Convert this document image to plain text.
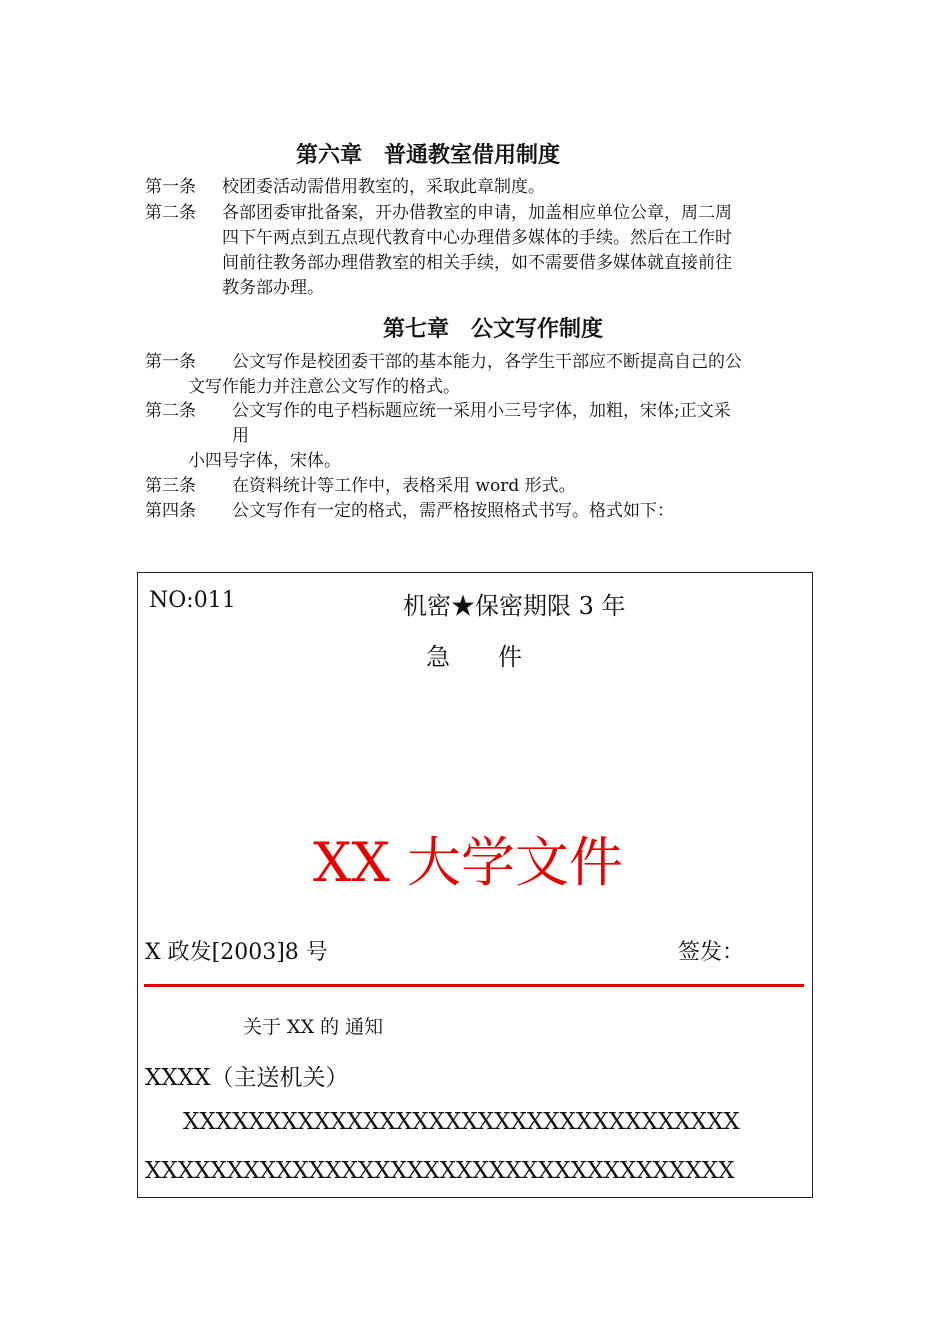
第六章　普通教室借用制度
第一条 校团委活动需借用教室的，采取此章制度。
第二条 各部团委审批备案，开办借教室的申请，加盖相应单位公章，周二周
四下午两点到五点现代教育中心办理借多媒体的手续。然后在工作时
间前往教务部办理借教室的相关手续，如不需要借多媒体就直接前往
教务部办理。
第七章　公文写作制度
第一条 公文写作是校团委干部的基本能力，各学生干部应不断提高自己的公
文写作能力并注意公文写作的格式。
第二条 公文写作的电子档标题应统一采用小三号字体，加粗，宋体;正文采
用
小四号字体，宋体。
第三条 在资料统计等工作中，表格采用 word 形式。
第四条 公文写作有一定的格式，需严格按照格式书写。格式如下：
NO:011	机密★保密期限 3 年
急　　件
XX 大学文件
X 政发[2003]8 号	签发：
关于 XX 的 通知
XXXX（主送机关）
XXXXXXXXXXXXXXXXXXXXXXXXXXXXXXXXXX
XXXXXXXXXXXXXXXXXXXXXXXXXXXXXXXXXXXX
